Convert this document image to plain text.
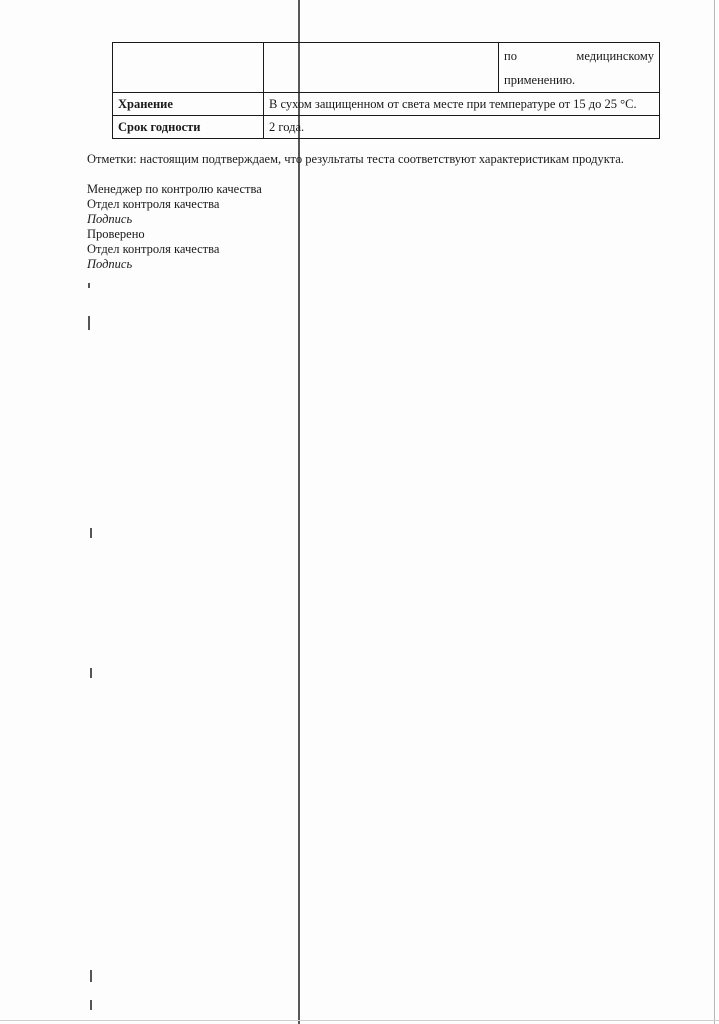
		по медицинскому
применению.

Хранение	В сухом защищенном от света месте при температуре от 15 до 25 °С.	
Срок годности	2 года.	
Отметки: настоящим подтверждаем, что результаты теста соответствуют характеристикам продукта.
Менеджер по контролю качества
Отдел контроля качества
Подпись
Проверено
Отдел контроля качества
Подпись
